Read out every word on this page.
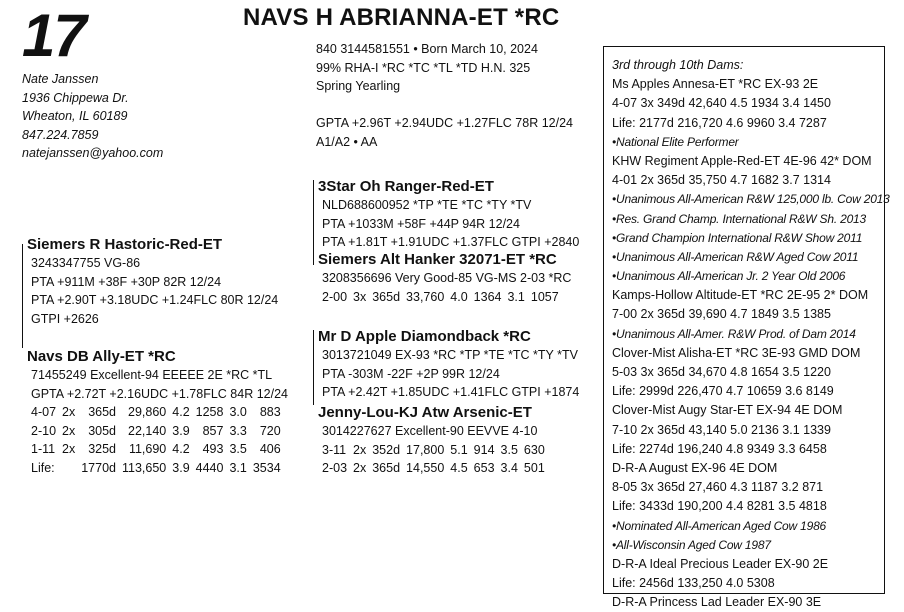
17	NAVS H ABRIANNA-ET *RC
Nate Janssen
1936 Chippewa Dr.
Wheaton, IL 60189
847.224.7859
natejanssen@yahoo.com
840 3144581551 • Born March 10, 2024
99% RHA-I *RC *TC *TL *TD H.N. 325
Spring Yearling
GPTA +2.96T +2.94UDC +1.27FLC 78R 12/24
A1/A2 • AA
Siemers R Hastoric-Red-ET
3243347755 VG-86
PTA +911M +38F +30P 82R 12/24
PTA +2.90T +3.18UDC +1.24FLC 80R 12/24
GTPI +2626
Navs DB Ally-ET *RC
71455249 Excellent-94 EEEEE 2E *RC *TL
GPTA +2.72T +2.16UDC +1.78FLC 84R 12/24
4-07	2x	365d	29,860	4.2	1258	3.0	883
2-10	2x	305d	22,140	3.9	857	3.3	720
1-11	2x	325d	11,690	4.2	493	3.5	406
Life:		1770d	113,650	3.9	4440	3.1	3534
3Star Oh Ranger-Red-ET
NLD688600952 *TP *TE *TC *TY *TV
PTA +1033M +58F +44P 94R 12/24
PTA +1.81T +1.91UDC +1.37FLC GTPI +2840
Siemers Alt Hanker 32071-ET *RC
3208356696 Very Good-85 VG-MS 2-03 *RC
2-00	3x	365d	33,760	4.0	1364	3.1	1057
Mr D Apple Diamondback *RC
3013721049 EX-93 *RC *TP *TE *TC *TY *TV
PTA -303M -22F +2P 99R 12/24
PTA +2.42T +1.85UDC +1.41FLC GTPI +1874
Jenny-Lou-KJ Atw Arsenic-ET
3014227627 Excellent-90 EEVVE 4-10
3-11	2x	352d	17,800	5.1	914	3.5	630
2-03	2x	365d	14,550	4.5	653	3.4	501
3rd through 10th Dams:
Ms Apples Annesa-ET *RC EX-93 2E
4-07 3x 349d 42,640 4.5 1934 3.4 1450
Life: 2177d 216,720 4.6 9960 3.4 7287
•National Elite Performer
KHW Regiment Apple-Red-ET 4E-96 42* DOM
4-01 2x 365d 35,750 4.7 1682 3.7 1314
•Unanimous All-American R&W 125,000 lb. Cow 2013
•Res. Grand Champ. International R&W Sh. 2013
•Grand Champion International R&W Show 2011
•Unanimous All-American R&W Aged Cow 2011
•Unanimous All-American Jr. 2 Year Old 2006
Kamps-Hollow Altitude-ET *RC 2E-95 2* DOM
7-00 2x 365d 39,690 4.7 1849 3.5 1385
•Unanimous All-Amer. R&W Prod. of Dam 2014
Clover-Mist Alisha-ET *RC 3E-93 GMD DOM
5-03 3x 365d 34,670 4.8 1654 3.5 1220
Life: 2999d 226,470 4.7 10659 3.6 8149
Clover-Mist Augy Star-ET EX-94 4E DOM
7-10 2x 365d 43,140 5.0 2136 3.1 1339
Life: 2274d 196,240 4.8 9349 3.3 6458
D-R-A August EX-96 4E DOM
8-05 3x 365d 27,460 4.3 1187 3.2 871
Life: 3433d 190,200 4.4 8281 3.5 4818
•Nominated All-American Aged Cow 1986
•All-Wisconsin Aged Cow 1987
D-R-A Ideal Precious Leader EX-90 2E
Life: 2456d 133,250 4.0 5308
D-R-A Princess Lad Leader EX-90 3E
